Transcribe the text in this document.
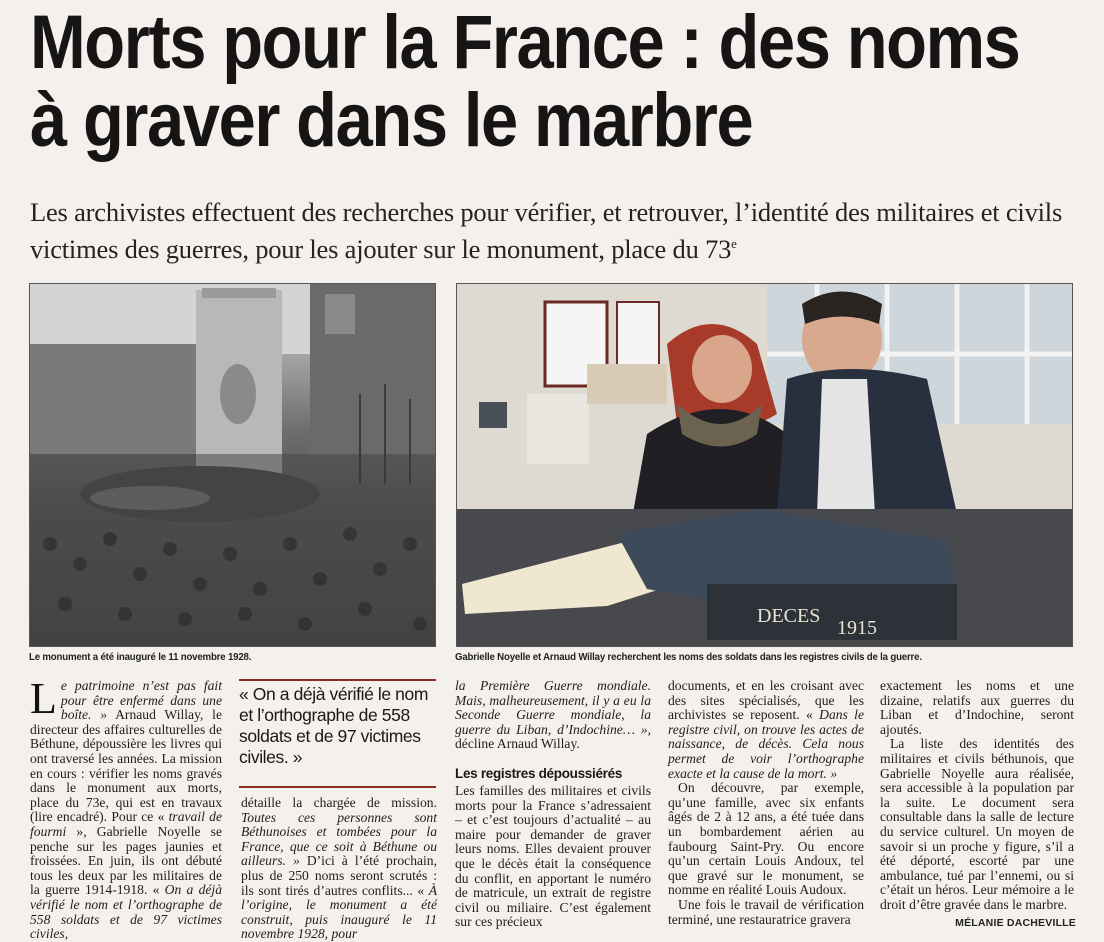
Morts pour la France : des noms
à graver dans le marbre

Les archivistes effectuent des recherches pour vérifier, et retrouver, l’identité des militaires et civils victimes des guerres, pour les ajouter sur le monument, place du 73e

Le monument a été inauguré le 11 novembre 1928.

DECES
1915

Gabrielle Noyelle et Arnaud Willay recherchent les noms des soldats dans les registres civils de la guerre.

Le patrimoine n’est pas fait pour être enfermé dans une boîte. » Arnaud Willay, le directeur des affaires culturelles de Béthune, dépoussière les livres qui ont traversé les années. La mission en cours : vérifier les noms gravés dans le monument aux morts, place du 73e, qui est en travaux (lire encadré). Pour ce « travail de fourmi », Gabrielle Noyelle se penche sur les pages jaunies et froissées. En juin, ils ont débuté tous les deux par les militaires de la guerre 1914-1918. « On a déjà vérifié le nom et l’orthographe de 558 soldats et de 97 victimes civiles,

« On a déjà vérifié le nom et l’orthographe de 558 soldats et de 97 victimes civiles. »

détaille la chargée de mission. Toutes ces personnes sont Béthunoises et tombées pour la France, que ce soit à Béthune ou ailleurs. » D’ici à l’été prochain, plus de 250 noms seront scrutés : ils sont tirés d’autres conflits... « À l’origine, le monument a été construit, puis inauguré le 11 novembre 1928, pour
la Première Guerre mondiale. Mais, malheureusement, il y a eu la Seconde Guerre mondiale, la guerre du Liban, d’Indochine… », décline Arnaud Willay.

Les registres dépoussiérés

Les familles des militaires et civils morts pour la France s’adressaient – et c’est toujours d’actualité – au maire pour demander de graver leurs noms. Elles devaient prouver que le décès était la conséquence du conflit, en apportant le numéro de matricule, un extrait de registre civil ou miliaire. C’est également sur ces précieux
documents, et en les croisant avec des sites spécialisés, que les archivistes se reposent. « Dans le registre civil, on trouve les actes de naissance, de décès. Cela nous permet de voir l’orthographe exacte et la cause de la mort. »

On découvre, par exemple, qu’une famille, avec six enfants âgés de 2 à 12 ans, a été tuée dans un bombardement aérien au faubourg Saint-Pry. Ou encore qu’un certain Louis Andoux, tel que gravé sur le monument, se nomme en réalité Louis Audoux.

Une fois le travail de vérification terminé, une restauratrice gravera

exactement les noms et une dizaine, relatifs aux guerres du Liban et d’Indochine, seront ajoutés.

La liste des identités des militaires et civils béthunois, que Gabrielle Noyelle aura réalisée, sera accessible à la population par la suite. Le document sera consultable dans la salle de lecture du service culturel. Un moyen de savoir si un proche y figure, s’il a été déporté, escorté par une ambulance, tué par l’ennemi, ou si c’était un héros. Leur mémoire a le droit d’être gravée dans le marbre.

MÉLANIE DACHEVILLE
